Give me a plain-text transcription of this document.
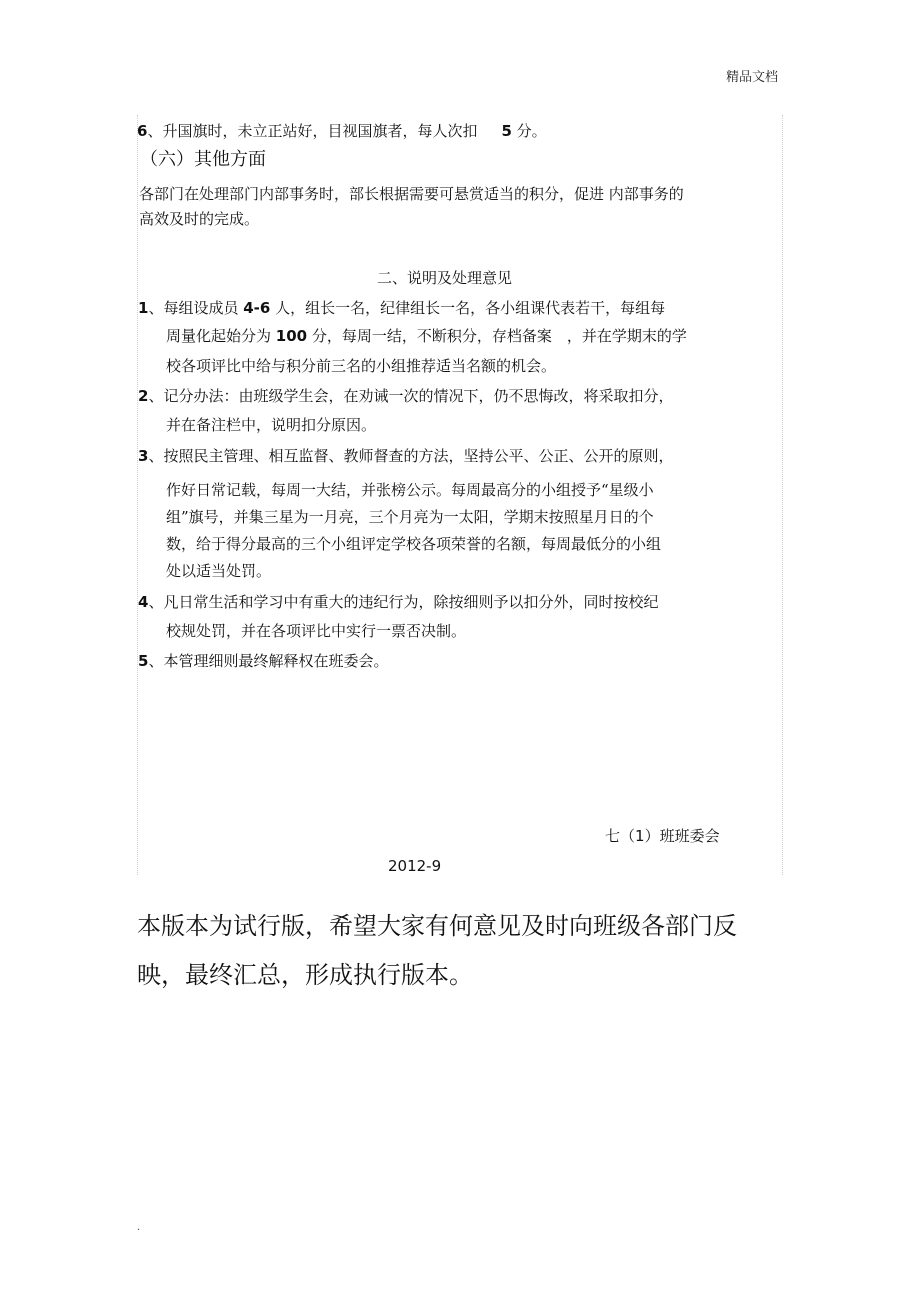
精品文档
6、升国旗时，未立正站好，目视国旗者，每人次扣 5 分。
（六）其他方面
各部门在处理部门内部事务时，部长根据需要可悬赏适当的积分，促进 内部事务的
高效及时的完成。
二、说明及处理意见
1、每组设成员 4-6 人，组长一名，纪律组长一名，各小组课代表若干，每组每
周量化起始分为 100 分，每周一结，不断积分，存档备案　，并在学期末的学
校各项评比中给与积分前三名的小组推荐适当名额的机会。
2、记分办法：由班级学生会，在劝诫一次的情况下，仍不思悔改，将采取扣分，
并在备注栏中，说明扣分原因。
3、按照民主管理、相互监督、教师督查的方法，坚持公平、公正、公开的原则，
作好日常记载，每周一大结，并张榜公示。每周最高分的小组授予“星级小
组”旗号，并集三星为一月亮，三个月亮为一太阳，学期末按照星月日的个
数，给于得分最高的三个小组评定学校各项荣誉的名额，每周最低分的小组
处以适当处罚。
4、凡日常生活和学习中有重大的违纪行为，除按细则予以扣分外，同时按校纪
校规处罚，并在各项评比中实行一票否决制。
5、本管理细则最终解释权在班委会。
七（1）班班委会
2012-9
本版本为试行版，希望大家有何意见及时向班级各部门反
映，最终汇总，形成执行版本。
.
